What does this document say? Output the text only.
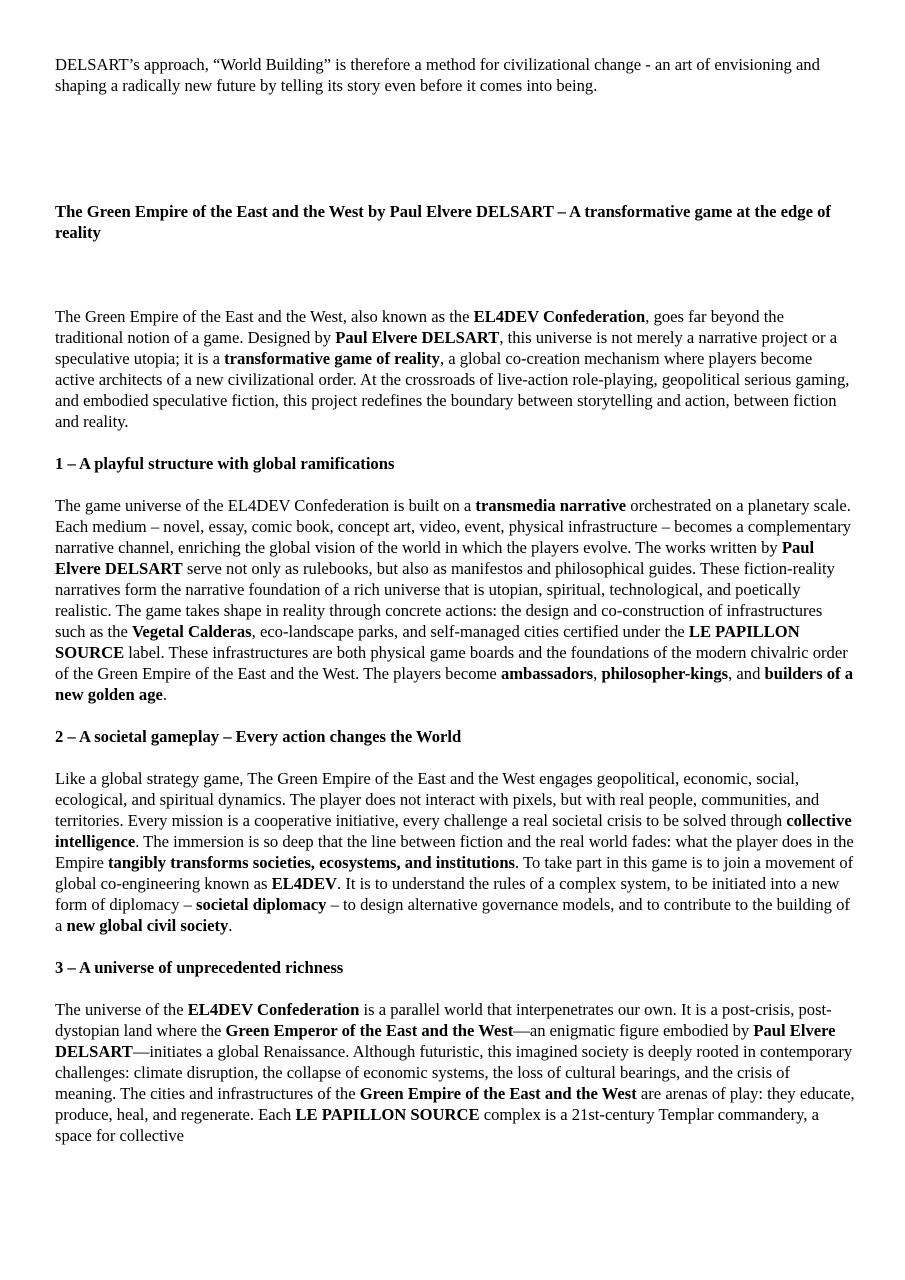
DELSART’s approach, “World Building” is therefore a method for civilizational change - an art of envisioning and shaping a radically new future by telling its story even before it comes into being.

The Green Empire of the East and the West by Paul Elvere DELSART – A transformative game at the edge of reality

The Green Empire of the East and the West, also known as the EL4DEV Confederation, goes far beyond the traditional notion of a game. Designed by Paul Elvere DELSART, this universe is not merely a narrative project or a speculative utopia; it is a transformative game of reality, a global co-creation mechanism where players become active architects of a new civilizational order. At the crossroads of live-action role-playing, geopolitical serious gaming, and embodied speculative fiction, this project redefines the boundary between storytelling and action, between fiction and reality.

1 – A playful structure with global ramifications

The game universe of the EL4DEV Confederation is built on a transmedia narrative orchestrated on a planetary scale. Each medium – novel, essay, comic book, concept art, video, event, physical infrastructure – becomes a complementary narrative channel, enriching the global vision of the world in which the players evolve. The works written by Paul Elvere DELSART serve not only as rulebooks, but also as manifestos and philosophical guides. These fiction-reality narratives form the narrative foundation of a rich universe that is utopian, spiritual, technological, and poetically realistic. The game takes shape in reality through concrete actions: the design and co-construction of infrastructures such as the Vegetal Calderas, eco-landscape parks, and self-managed cities certified under the LE PAPILLON SOURCE label. These infrastructures are both physical game boards and the foundations of the modern chivalric order of the Green Empire of the East and the West. The players become ambassadors, philosopher-kings, and builders of a new golden age.

2 – A societal gameplay – Every action changes the World

Like a global strategy game, The Green Empire of the East and the West engages geopolitical, economic, social, ecological, and spiritual dynamics. The player does not interact with pixels, but with real people, communities, and territories. Every mission is a cooperative initiative, every challenge a real societal crisis to be solved through collective intelligence. The immersion is so deep that the line between fiction and the real world fades: what the player does in the Empire tangibly transforms societies, ecosystems, and institutions. To take part in this game is to join a movement of global co-engineering known as EL4DEV. It is to understand the rules of a complex system, to be initiated into a new form of diplomacy – societal diplomacy – to design alternative governance models, and to contribute to the building of a new global civil society.

3 – A universe of unprecedented richness

The universe of the EL4DEV Confederation is a parallel world that interpenetrates our own. It is a post-crisis, post-dystopian land where the Green Emperor of the East and the West—an enigmatic figure embodied by Paul Elvere DELSART—initiates a global Renaissance. Although futuristic, this imagined society is deeply rooted in contemporary challenges: climate disruption, the collapse of economic systems, the loss of cultural bearings, and the crisis of meaning. The cities and infrastructures of the Green Empire of the East and the West are arenas of play: they educate, produce, heal, and regenerate. Each LE PAPILLON SOURCE complex is a 21st-century Templar commandery, a space for collective
